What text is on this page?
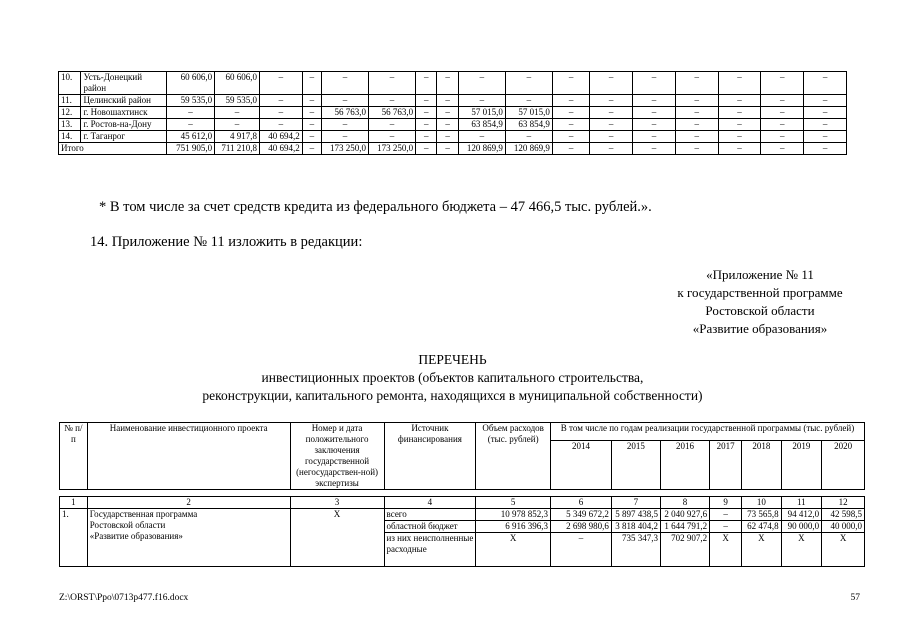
10.	Усть-Донецкий район	60 606,0	60 606,0	–	–	–	–	–	–	–	–	–	–	–	–	–	–	–
11.	Целинский район	59 535,0	59 535,0	–	–	–	–	–	–	–	–	–	–	–	–	–	–	–
12.	г. Новошахтинск	–	–	–	–	56 763,0	56 763,0	–	–	57 015,0	57 015,0	–	–	–	–	–	–	–
13.	г. Ростов-на-Дону	–	–	–	–	–	–	–	–	63 854,9	63 854,9	–	–	–	–	–	–	–
14.	г. Таганрог	45 612,0	4 917,8	40 694,2	–	–	–	–	–	–	–	–	–	–	–	–	–	–
Итого		751 905,0	711 210,8	40 694,2	–	173 250,0	173 250,0	–	–	120 869,9	120 869,9	–	–	–	–	–	–	–
* В том числе за счет средств кредита из федерального бюджета – 47 466,5 тыс. рублей.».
14. Приложение № 11 изложить в редакции:
«Приложение № 11
к государственной программе
Ростовской области
«Развитие образования»
ПЕРЕЧЕНЬ
инвестиционных проектов (объектов капитального строительства,
реконструкции, капитального ремонта, находящихся в муниципальной собственности)
№ п/п	Наименование инвестиционного проекта	Номер и дата положительного заключения государственной (негосударствен-ной) экспертизы	Источник финансирования	Объем расходов (тыс. рублей)	В том числе по годам реализации государственной программы (тыс. рублей)						
					2014	2015	2016	2017	2018	2019	2020

1	2	3	4	5	6	7	8	9	10	11	12
1.	Государственная программа
Ростовской области
«Развитие образования»	Х	всего	10 978 852,3	5 349 672,2	5 897 438,5	2 040 927,6	–	73 565,8	94 412,0	42 598,5
			областной бюджет	6 916 396,3	2 698 980,6	3 818 404,2	1 644 791,2	–	62 474,8	90 000,0	40 000,0
			из них неисполненные расходные	Х	–	735 347,3	702 907,2	Х	Х	Х	Х
Z:\ORST\Ppo\0713p477.f16.docx	57
